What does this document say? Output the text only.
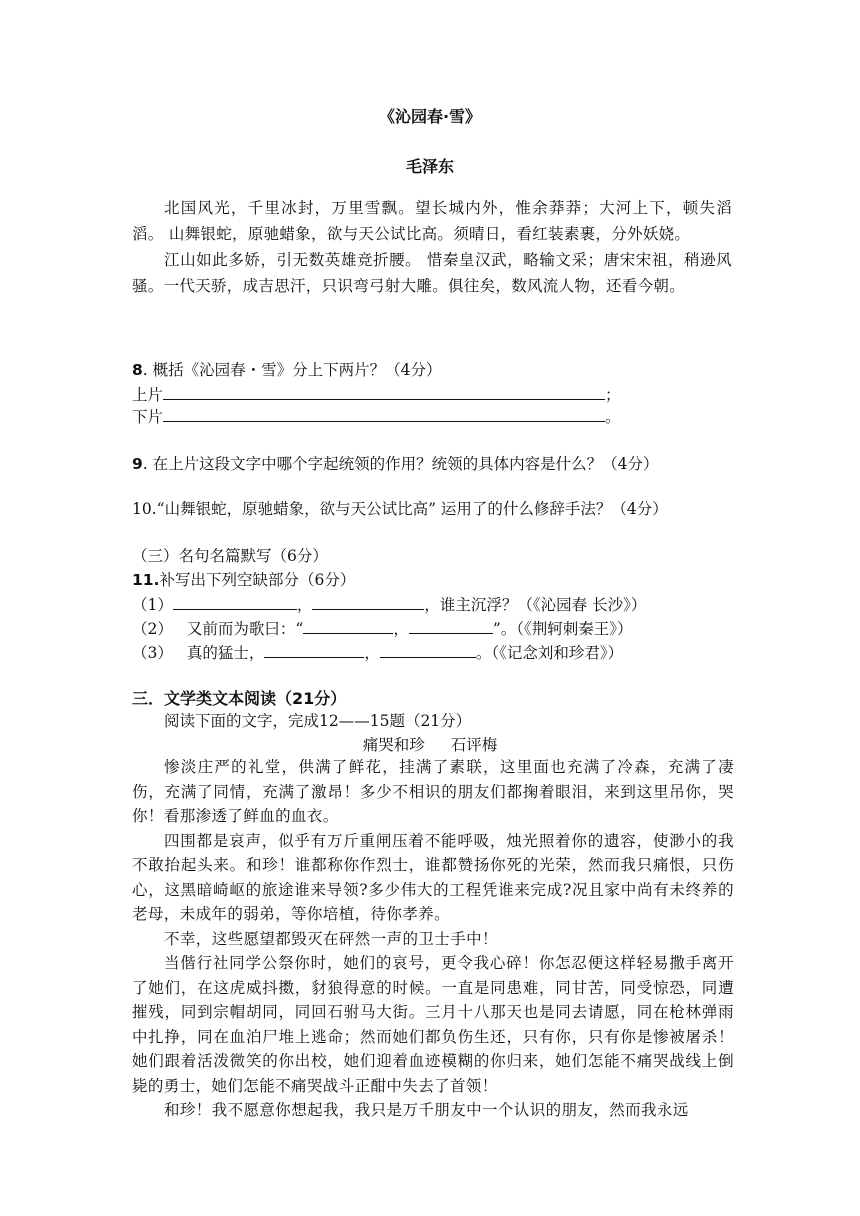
《沁园春·雪》
毛泽东

北国风光，千里冰封，万里雪飘。望长城内外，惟余莽莽；大河上下，顿失滔滔。 山舞银蛇，原驰蜡象，欲与天公试比高。须晴日，看红装素裹，分外妖娆。

江山如此多娇，引无数英雄竞折腰。 惜秦皇汉武，略输文采；唐宋宋祖，稍逊风骚。一代天骄，成吉思汗，只识弯弓射大雕。俱往矣，数风流人物，还看今朝。

8. 概括《沁园春・雪》分上下两片？（4分）
上片	；
下片	。
9. 在上片这段文字中哪个字起统领的作用？统领的具体内容是什么？（4分）
10.“山舞银蛇，原驰蜡象，欲与天公试比高” 运用了的什么修辞手法？（4分）
（三）名句名篇默写（6分）
11.补写出下列空缺部分（6分）
（1）	，	，谁主沉浮？（《沁园春 长沙》）
（2） 又前而为歌曰：“	，	”。（《荆轲刺秦王》）
（3） 真的猛士，	，	。（《记念刘和珍君》）
三．文学类文本阅读（21分）
阅读下面的文字，完成12——15题（21分）
痛哭和珍 石评梅

惨淡庄严的礼堂，供满了鲜花，挂满了素联，这里面也充满了冷森，充满了凄伤，充满了同情，充满了激昂！多少不相识的朋友们都掬着眼泪，来到这里吊你，哭你！看那渗透了鲜血的血衣。

四围都是哀声，似乎有万斤重闸压着不能呼吸，烛光照着你的遗容，使渺小的我不敢抬起头来。和珍！谁都称你作烈士，谁都赞扬你死的光荣，然而我只痛恨，只伤心，这黑暗崎岖的旅途谁来导领?多少伟大的工程凭谁来完成?况且家中尚有未终养的老母，未成年的弱弟，等你培植，待你孝养。

不幸，这些愿望都毁灭在砰然一声的卫士手中！

当偕行社同学公祭你时，她们的哀号，更令我心碎！你怎忍便这样轻易撒手离开了她们，在这虎威抖擞，豺狼得意的时候。一直是同患难，同甘苦，同受惊恐，同遭摧残，同到宗帽胡同，同回石驸马大街。三月十八那天也是同去请愿，同在枪林弹雨中扎挣，同在血泊尸堆上逃命；然而她们都负伤生还，只有你，只有你是惨被屠杀！她们跟着活泼微笑的你出校，她们迎着血迹模糊的你归来，她们怎能不痛哭战线上倒毙的勇士，她们怎能不痛哭战斗正酣中失去了首领！

和珍！我不愿意你想起我，我只是万千朋友中一个认识的朋友，然而我永远
